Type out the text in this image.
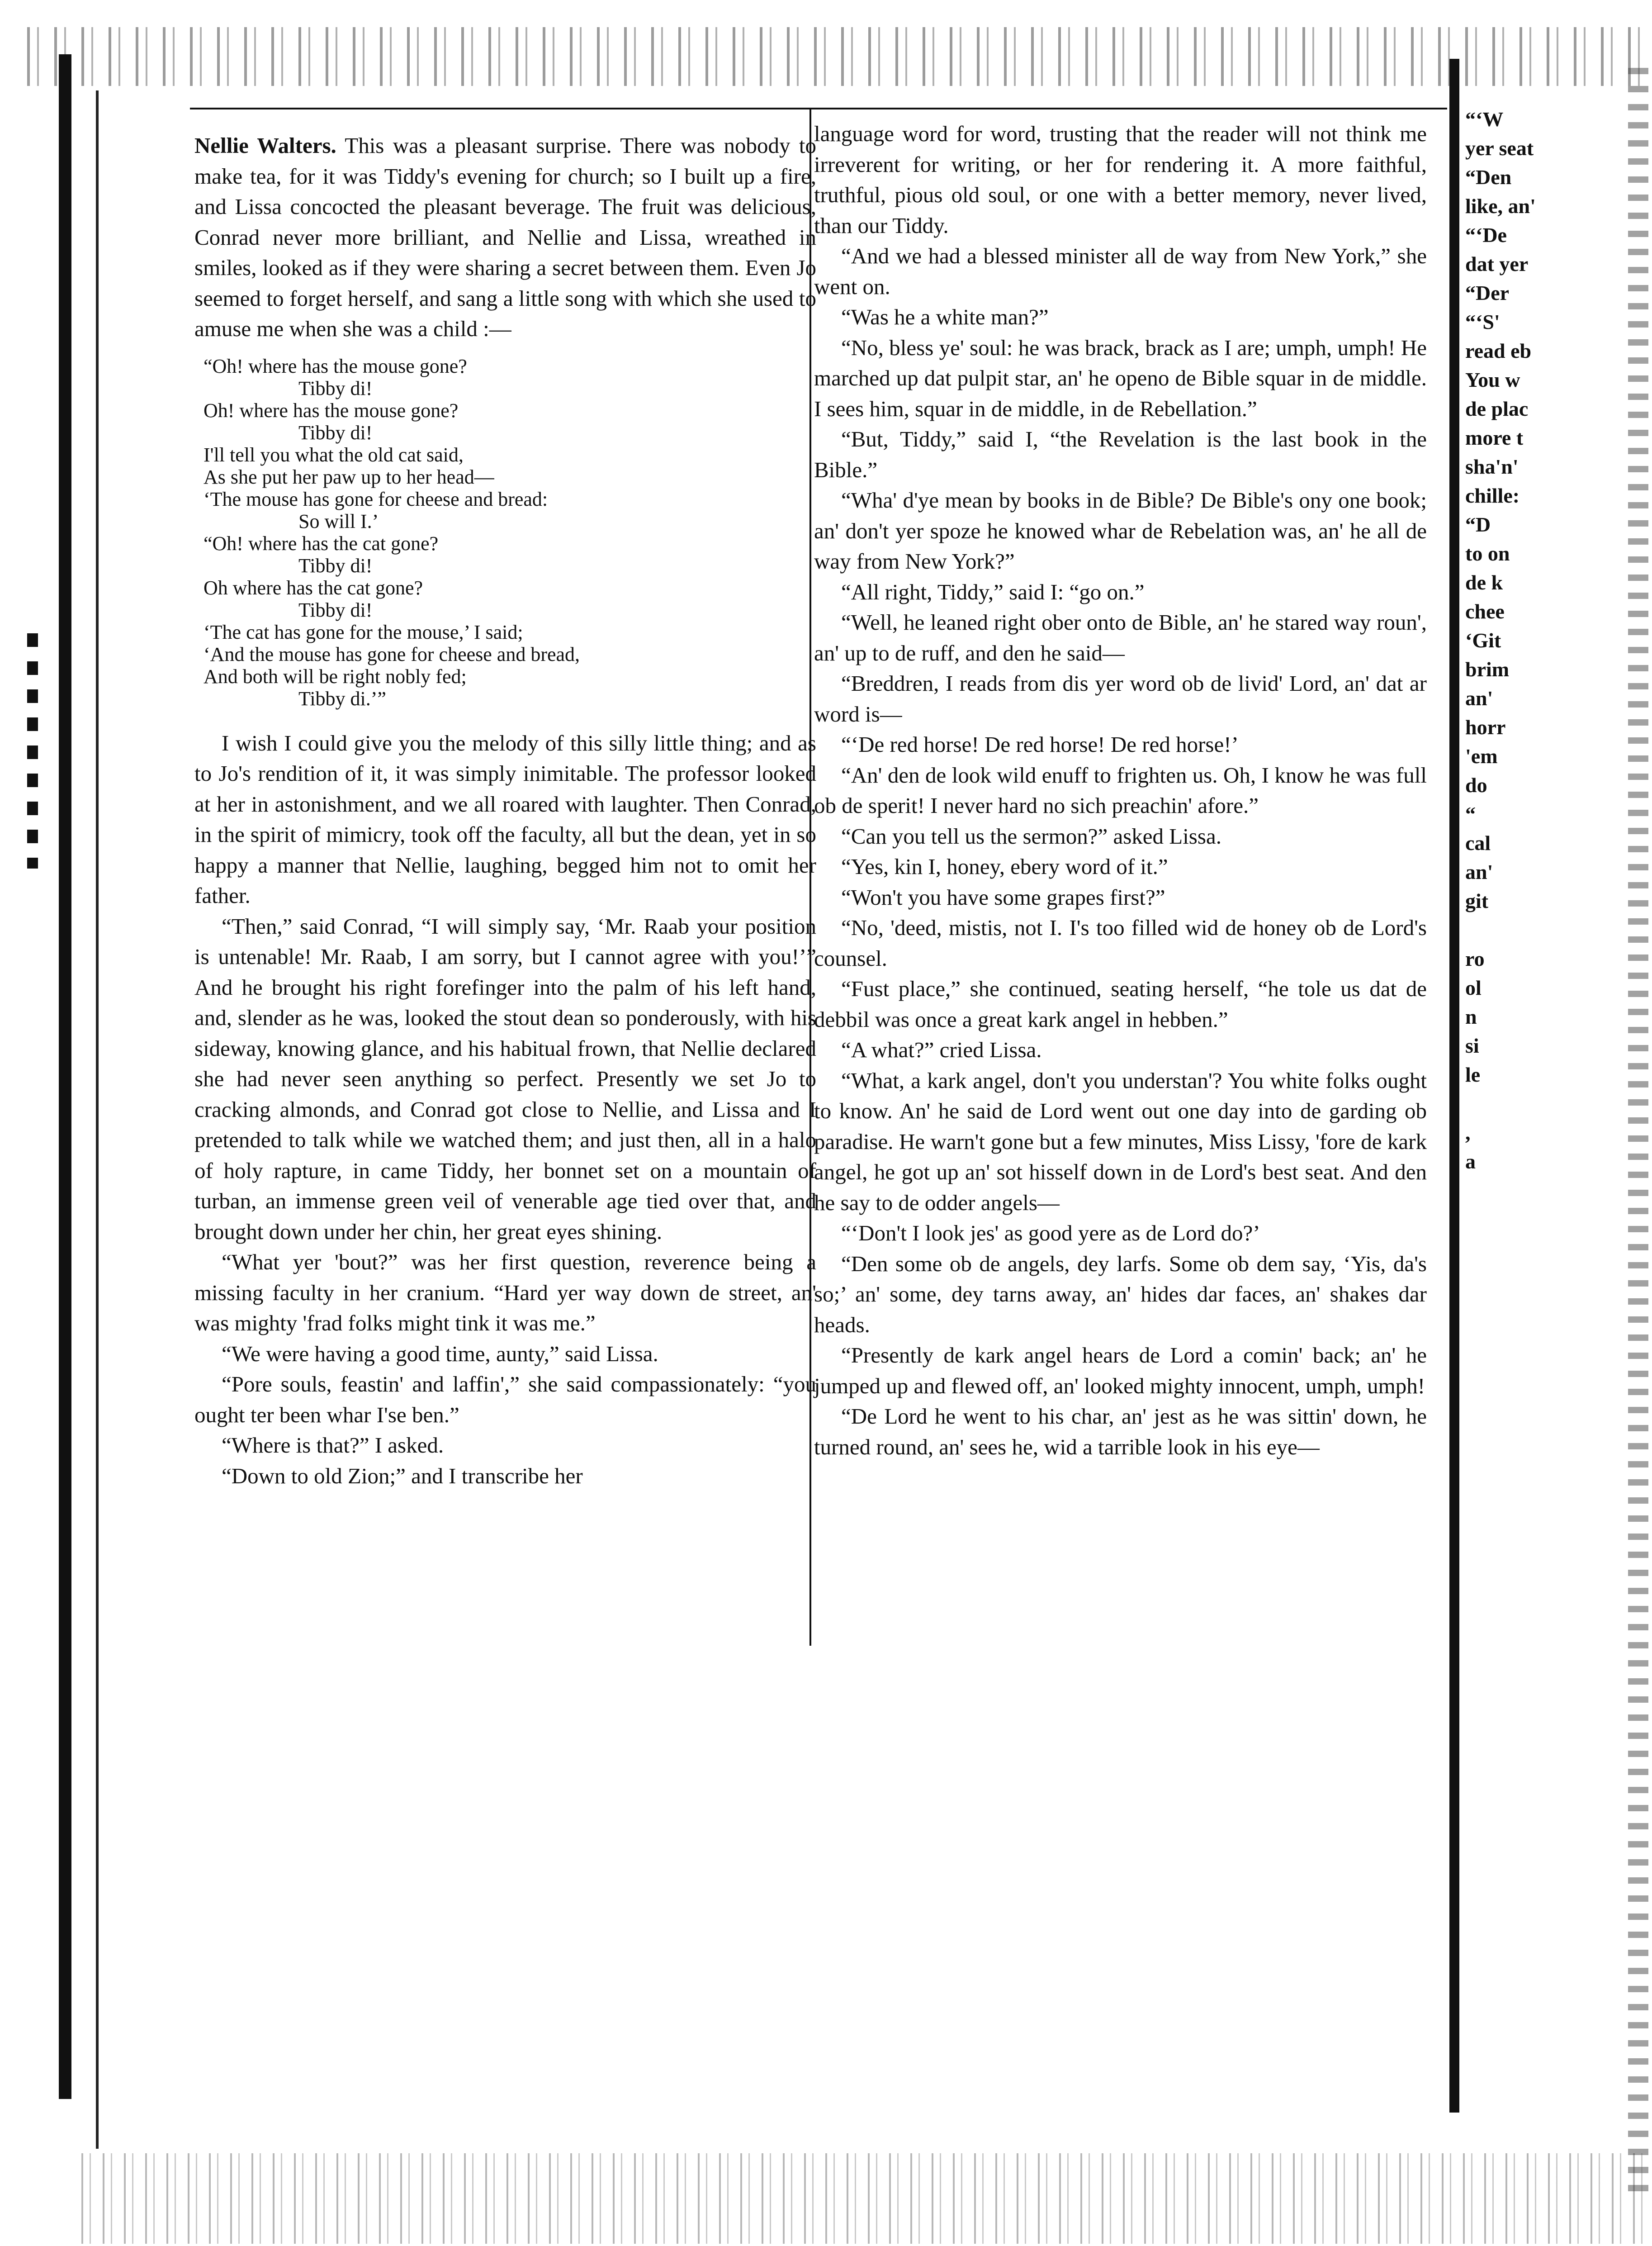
Nellie Walters. This was a pleasant surprise. There was nobody to make tea, for it was Tiddy's evening for church; so I built up a fire, and Lissa concocted the pleasant beverage. The fruit was delicious, Conrad never more brilliant, and Nellie and Lissa, wreathed in smiles, looked as if they were sharing a secret between them. Even Jo seemed to forget herself, and sang a little song with which she used to amuse me when she was a child :—

“Oh! where has the mouse gone?
Tibby di!
Oh! where has the mouse gone?
Tibby di!
I'll tell you what the old cat said,
As she put her paw up to her head—
‘The mouse has gone for cheese and bread:
So will I.’
“Oh! where has the cat gone?
Tibby di!
Oh where has the cat gone?
Tibby di!
‘The cat has gone for the mouse,’ I said;
‘And the mouse has gone for cheese and bread,
And both will be right nobly fed;
Tibby di.’”

I wish I could give you the melody of this silly little thing; and as to Jo's rendition of it, it was simply inimitable. The professor looked at her in astonishment, and we all roared with laughter. Then Conrad, in the spirit of mimicry, took off the faculty, all but the dean, yet in so happy a manner that Nellie, laughing, begged him not to omit her father.

“Then,” said Conrad, “I will simply say, ‘Mr. Raab your position is untenable! Mr. Raab, I am sorry, but I cannot agree with you!’” And he brought his right forefinger into the palm of his left hand, and, slender as he was, looked the stout dean so ponderously, with his sideway, knowing glance, and his habitual frown, that Nellie declared she had never seen anything so perfect. Presently we set Jo to cracking almonds, and Conrad got close to Nellie, and Lissa and I pretended to talk while we watched them; and just then, all in a halo of holy rapture, in came Tiddy, her bonnet set on a mountain of turban, an immense green veil of venerable age tied over that, and brought down under her chin, her great eyes shining.

“What yer 'bout?” was her first question, reverence being a missing faculty in her cranium. “Hard yer way down de street, an' was mighty 'frad folks might tink it was me.”

“We were having a good time, aunty,” said Lissa.

“Pore souls, feastin' and laffin',” she said compassionately: “you ought ter been whar I'se ben.”

“Where is that?” I asked.

“Down to old Zion;” and I transcribe her

language word for word, trusting that the reader will not think me irreverent for writing, or her for rendering it. A more faithful, truthful, pious old soul, or one with a better memory, never lived, than our Tiddy.

“And we had a blessed minister all de way from New York,” she went on.

“Was he a white man?”

“No, bless ye' soul: he was brack, brack as I are; umph, umph! He marched up dat pulpit star, an' he openo de Bible squar in de middle. I sees him, squar in de middle, in de Rebellation.”

“But, Tiddy,” said I, “the Revelation is the last book in the Bible.”

“Wha' d'ye mean by books in de Bible? De Bible's ony one book; an' don't yer spoze he knowed whar de Rebelation was, an' he all de way from New York?”

“All right, Tiddy,” said I: “go on.”

“Well, he leaned right ober onto de Bible, an' he stared way roun', an' up to de ruff, and den he said—

“Breddren, I reads from dis yer word ob de livid' Lord, an' dat ar word is—

“‘De red horse! De red horse! De red horse!’

“An' den de look wild enuff to frighten us. Oh, I know he was full ob de sperit! I never hard no sich preachin' afore.”

“Can you tell us the sermon?” asked Lissa.

“Yes, kin I, honey, ebery word of it.”

“Won't you have some grapes first?”

“No, 'deed, mistis, not I. I's too filled wid de honey ob de Lord's counsel.

“Fust place,” she continued, seating herself, “he tole us dat de debbil was once a great kark angel in hebben.”

“A what?” cried Lissa.

“What, a kark angel, don't you understan'? You white folks ought to know. An' he said de Lord went out one day into de garding ob paradise. He warn't gone but a few minutes, Miss Lissy, 'fore de kark angel, he got up an' sot hisself down in de Lord's best seat. And den he say to de odder angels—

“‘Don't I look jes' as good yere as de Lord do?’

“Den some ob de angels, dey larfs. Some ob dem say, ‘Yis, da's so;’ an' some, dey tarns away, an' hides dar faces, an' shakes dar heads.

“Presently de kark angel hears de Lord a comin' back; an' he jumped up and flewed off, an' looked mighty innocent, umph, umph!

“De Lord he went to his char, an' jest as he was sittin' down, he turned round, an' sees he, wid a tarrible look in his eye—

“‘W
yer seat
“Den
like, an'
“‘De
dat yer
“Der
“‘S'
read eb
You w
de plac
more t
sha'n'
chille:
“D
to on
de k
chee
‘Git
brim
an'
horr
'em
do
“
cal
an'
git

ro
ol
n
si
le

,
a
